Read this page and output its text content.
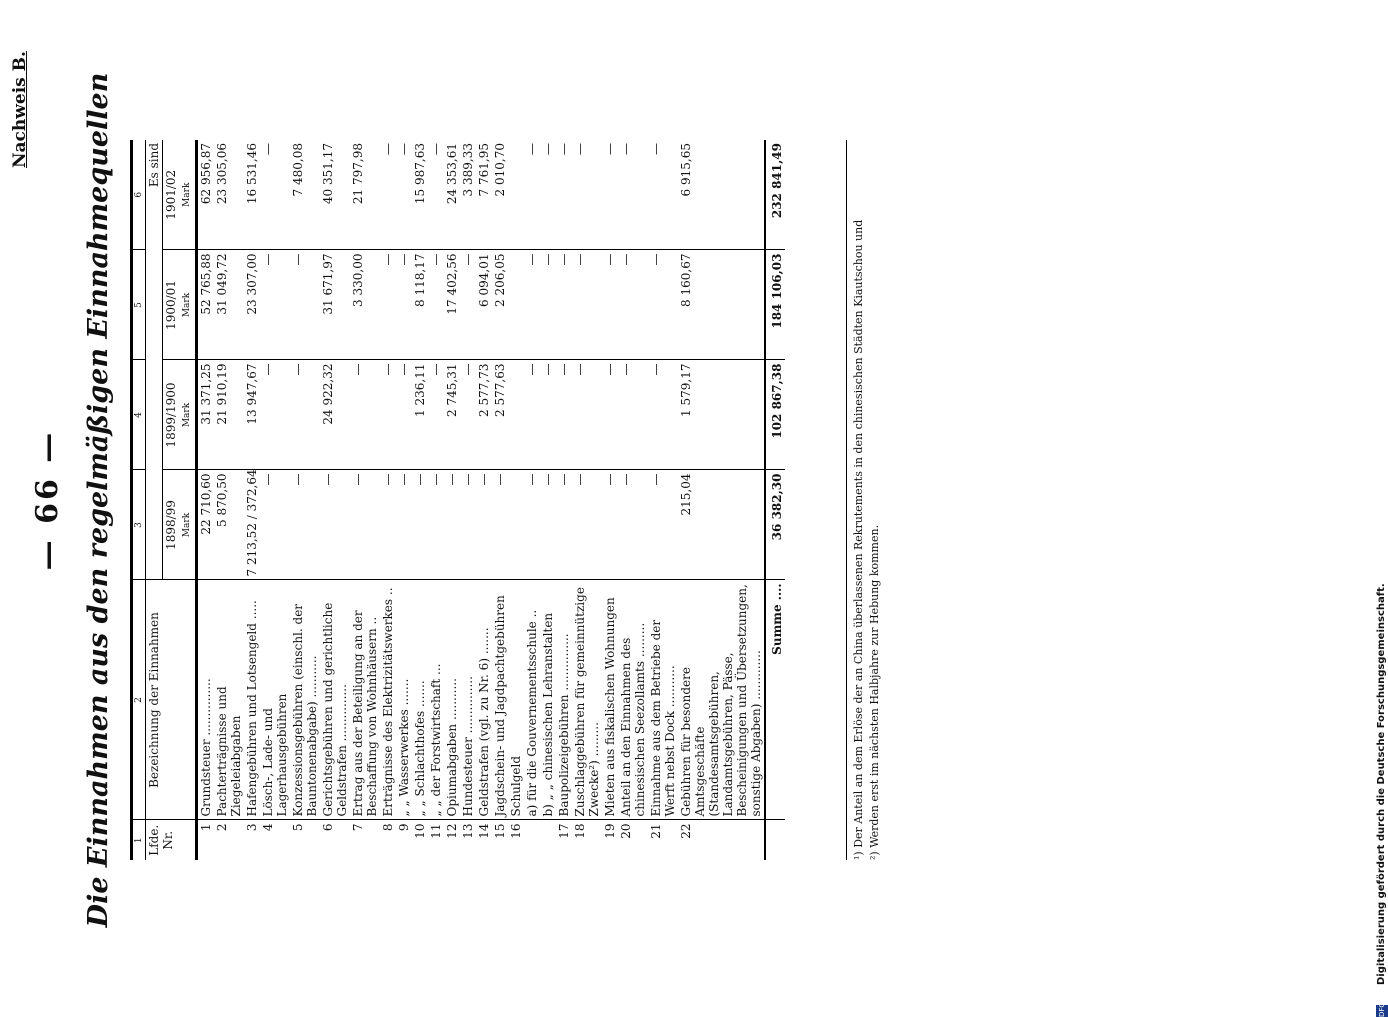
— 66 —
Nachweis B. Die Einnahmen aus den regelmäßigen Einnahmequellen 1	2	3	4	5	6
Lfde. Nr.	Bezeichnung der Einnahmen	Es sind			
		1898/99 Mark	1899/1900 Mark	1900/01 Mark	1901/02 Mark
1	Grundsteuer ...............	22 710,60	31 371,25	52 765,88	62 956,87
2	Pachterträgnisse und Ziegeleiabgaben	5 870,50	21 910,19	31 049,72	23 305,06
3	Hafengebühren und Lotsengeld .....	7 213,52 / 372,64	13 947,67	23 307,00	16 531,46
4	Lösch-, Lade- und Lagerhausgebühren	—	—	—	—
5	Konzessionsgebühren (einschl. der Bauntonenabgabe) ...........	—	—	—	7 480,08
6	Gerichtsgebühren und gerichtliche Geldstrafen ...............	—	24 922,32	31 671,97	40 351,17
7	Ertrag aus der Beteiligung an der Beschaffung von Wohnhäusern ..	—	—	3 330,00	21 797,98
8	Erträgnisse des Elektrizitätswerkes ..	—	—	—	—
9	„ „ Wasserwerkes .......	—	—	—	—
10	„ „ Schlachthofes .......	—	1 236,11	8 118,17	15 987,63
11	„ „ der Forstwirtschaft ...	—	—	—	—
12	Opiumabgaben ...........	—	2 745,31	17 402,56	24 353,61
13	Hundesteuer ...............	—	—	—	3 389,33
14	Geldstrafen (vgl. zu Nr. 6) .......	—	2 577,73	6 094,01	7 761,95
15	Jagdschein- und Jagdpachtgebühren	—	2 577,63	2 206,05	2 010,70
16	Schulgeld				
	a) für die Gouvernementsschule ..	—	—	—	—
	b) „ „ chinesischen Lehranstalten	—	—	—	—
17	Baupolizeigebühren ...............	—	—	—	—
18	Zuschlaggebühren für gemeinnützige Zwecke²) .........	—	—	—	—
19	Mieten aus fiskalischen Wohnungen	—	—	—	—
20	Anteil an den Einnahmen des chinesischen Seezollamts .........	—	—	—	—
21	Einnahme aus dem Betriebe der Werft nebst Dock ...........	—	—	—	—
22	Gebühren für besondere Amtsgeschäfte (Standesamtsgebühren, Landamtsgebühren, Pässe, Bescheinigungen und Übersetzungen, sonstige Abgaben) .............	215,04	1 579,17	8 160,67	6 915,65
	Summe ....	36 382,30	102 867,38	184 106,03	232 841,49
¹) Der Anteil an dem Erlöse der an China überlassenen Rekrutements in den chinesischen Städten Kiautschou und ²) Werden erst im nächsten Halbjahre zur Hebung kommen.
DFG
Digitalisierung gefördert durch die Deutsche Forschungsgemeinschaft.
